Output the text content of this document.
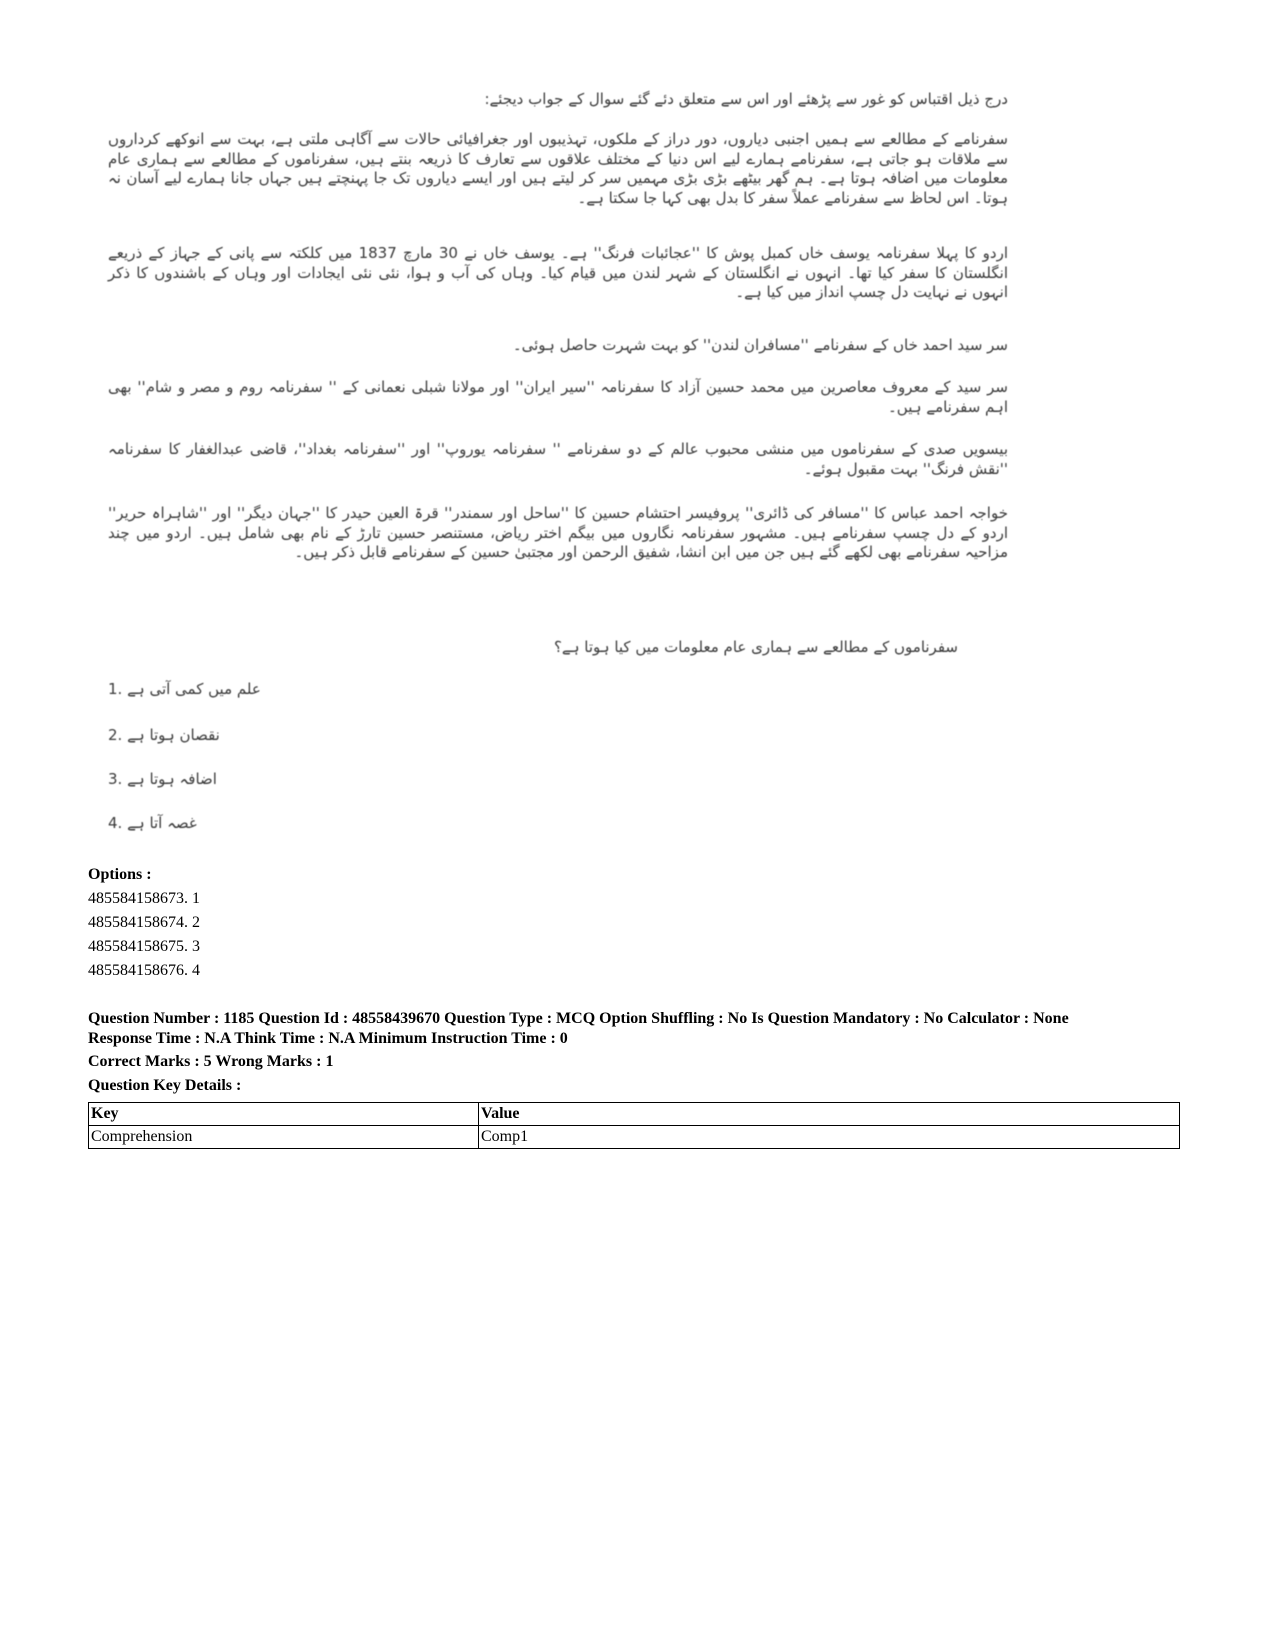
درج ذیل اقتباس کو غور سے پڑھئے اور اس سے متعلق دئے گئے سوال کے جواب دیجئے:
سفرنامے کے مطالعے سے ہمیں اجنبی دیاروں، دور دراز کے ملکوں، تہذیبوں اور جغرافیائی حالات سے آگاہی ملتی ہے، بہت سے انوکھے کرداروں سے ملاقات ہو جاتی ہے، سفرنامے ہمارے لیے اس دنیا کے مختلف علاقوں سے تعارف کا ذریعہ بنتے ہیں، سفرناموں کے مطالعے سے ہماری عام معلومات میں اضافہ ہوتا ہے۔ ہم گھر بیٹھے بڑی بڑی مہمیں سر کر لیتے ہیں اور ایسے دیاروں تک جا پہنچتے ہیں جہاں جانا ہمارے لیے آسان نہ ہوتا۔ اس لحاظ سے سفرنامے عملاً سفر کا بدل بھی کہا جا سکتا ہے۔
اردو کا پہلا سفرنامہ یوسف خاں کمبل پوش کا ''عجائبات فرنگ'' ہے۔ یوسف خاں نے 30 مارچ 1837 میں کلکتہ سے پانی کے جہاز کے ذریعے انگلستان کا سفر کیا تھا۔ انہوں نے انگلستان کے شہر لندن میں قیام کیا۔ وہاں کی آب و ہوا، نئی نئی ایجادات اور وہاں کے باشندوں کا ذکر انہوں نے نہایت دل چسپ انداز میں کیا ہے۔
سر سید احمد خاں کے سفرنامے ''مسافران لندن'' کو بہت شہرت حاصل ہوئی۔
سر سید کے معروف معاصرین میں محمد حسین آزاد کا سفرنامہ ''سیر ایران'' اور مولانا شبلی نعمانی کے '' سفرنامہ روم و مصر و شام'' بھی اہم سفرنامے ہیں۔
بیسویں صدی کے سفرناموں میں منشی محبوب عالم کے دو سفرنامے '' سفرنامہ یوروپ'' اور ''سفرنامہ بغداد''، قاضی عبدالغفار کا سفرنامہ ''نقش فرنگ'' بہت مقبول ہوئے۔
خواجہ احمد عباس کا ''مسافر کی ڈائری'' پروفیسر احتشام حسین کا ''ساحل اور سمندر'' قرۃ العین حیدر کا ''جہان دیگر'' اور ''شاہراہ حریر'' اردو کے دل چسپ سفرنامے ہیں۔ مشہور سفرنامہ نگاروں میں بیگم اختر ریاض، مستنصر حسین تارڑ کے نام بھی شامل ہیں۔ اردو میں چند مزاحیہ سفرنامے بھی لکھے گئے ہیں جن میں ابن انشا، شفیق الرحمن اور مجتبیٰ حسین کے سفرنامے قابل ذکر ہیں۔
سفرناموں کے مطالعے سے ہماری عام معلومات میں کیا ہوتا ہے؟
1. علم میں کمی آتی ہے
2. نقصان ہوتا ہے
3. اضافہ ہوتا ہے
4. غصہ آتا ہے
Options :
485584158673. 1
485584158674. 2
485584158675. 3
485584158676. 4
Question Number : 1185 Question Id : 48558439670 Question Type : MCQ Option Shuffling : No Is Question Mandatory : No Calculator : None
Response Time : N.A Think Time : N.A Minimum Instruction Time : 0
Correct Marks : 5 Wrong Marks : 1
Question Key Details :
Key	Value
Comprehension	Comp1
